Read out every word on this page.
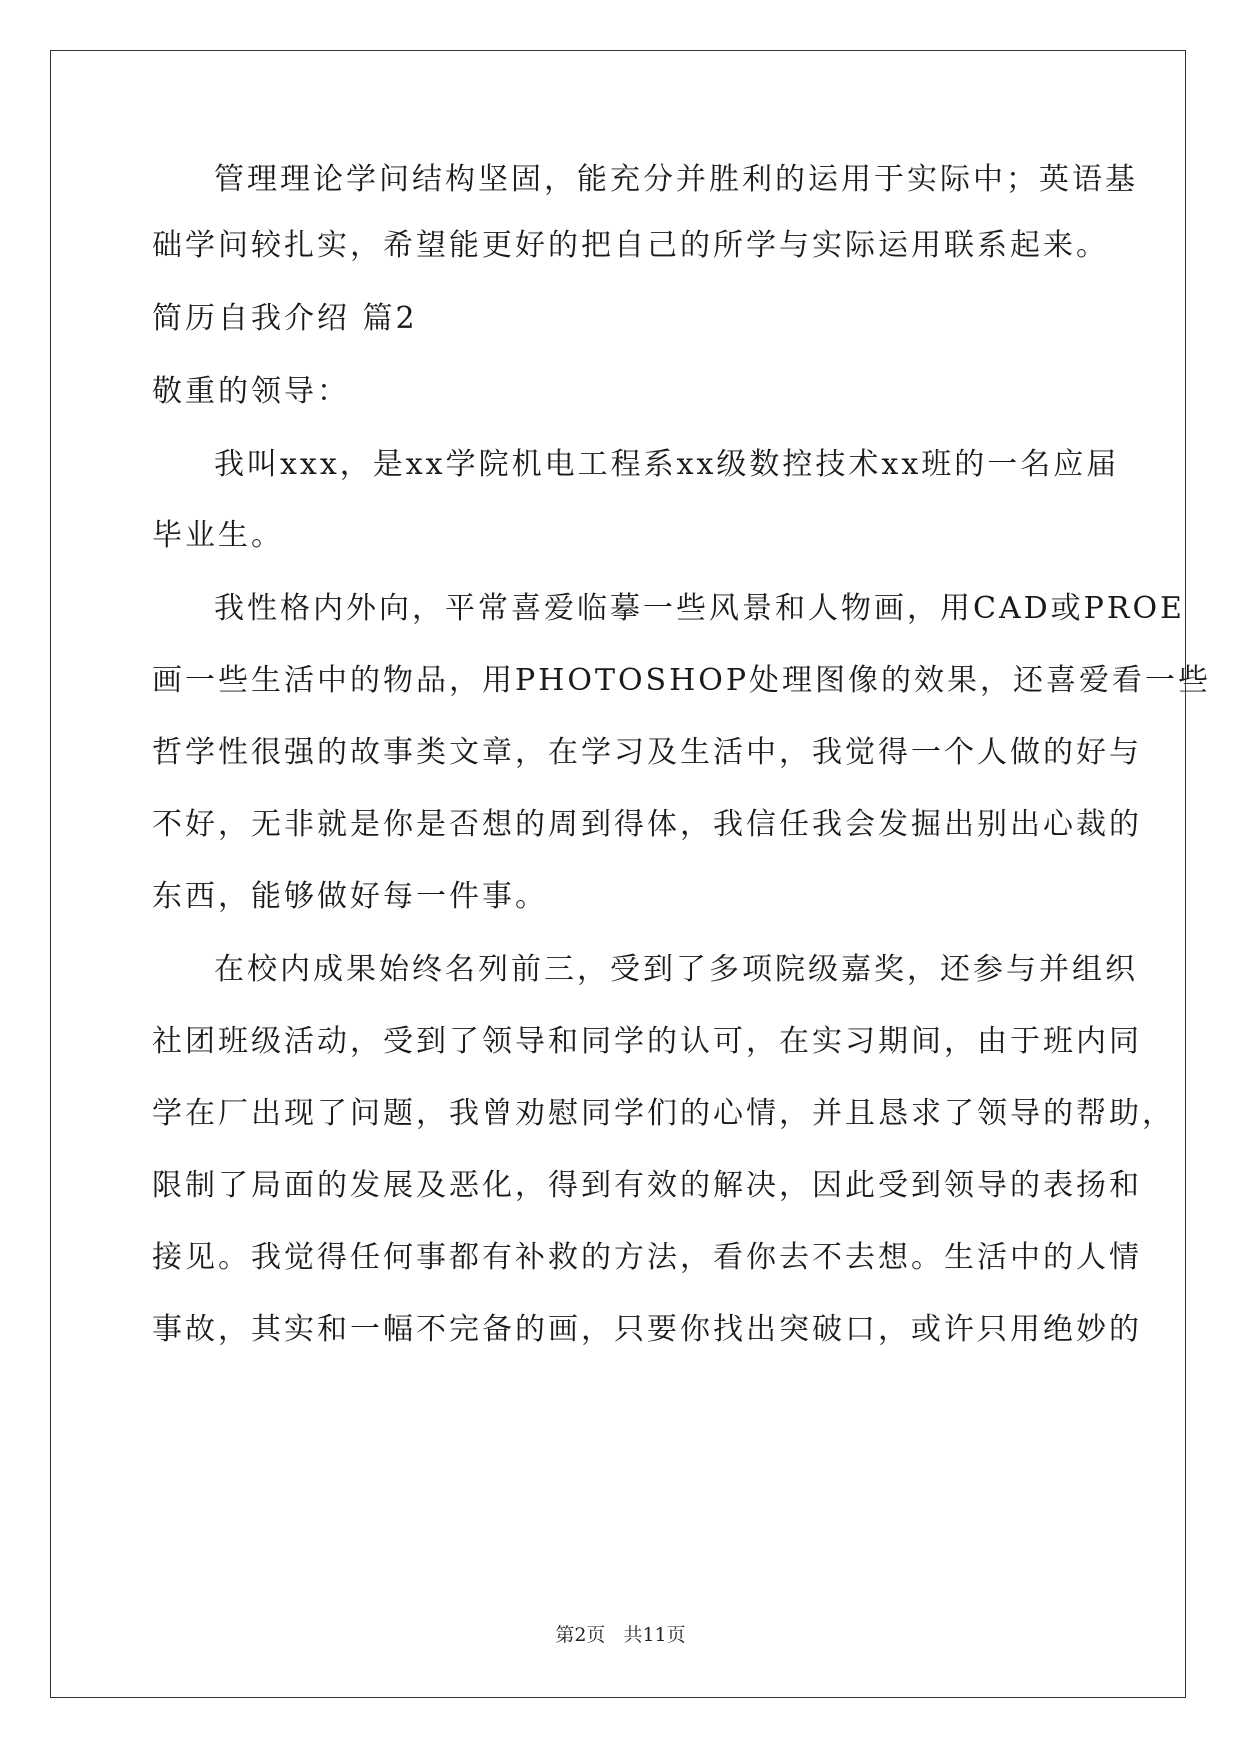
管理理论学问结构坚固，能充分并胜利的运用于实际中；英语基
础学问较扎实，希望能更好的把自己的所学与实际运用联系起来。
简历自我介绍 篇2
敬重的领导：
我叫xxx，是xx学院机电工程系xx级数控技术xx班的一名应届
毕业生。
我性格内外向，平常喜爱临摹一些风景和人物画，用CAD或PROE
画一些生活中的物品，用PHOTOSHOP处理图像的效果，还喜爱看一些
哲学性很强的故事类文章，在学习及生活中，我觉得一个人做的好与
不好，无非就是你是否想的周到得体，我信任我会发掘出别出心裁的
东西，能够做好每一件事。
在校内成果始终名列前三，受到了多项院级嘉奖，还参与并组织
社团班级活动，受到了领导和同学的认可，在实习期间，由于班内同
学在厂出现了问题，我曾劝慰同学们的心情，并且恳求了领导的帮助，
限制了局面的发展及恶化，得到有效的解决，因此受到领导的表扬和
接见。我觉得任何事都有补救的方法，看你去不去想。生活中的人情
事故，其实和一幅不完备的画，只要你找出突破口，或许只用绝妙的
第2页 共11页
